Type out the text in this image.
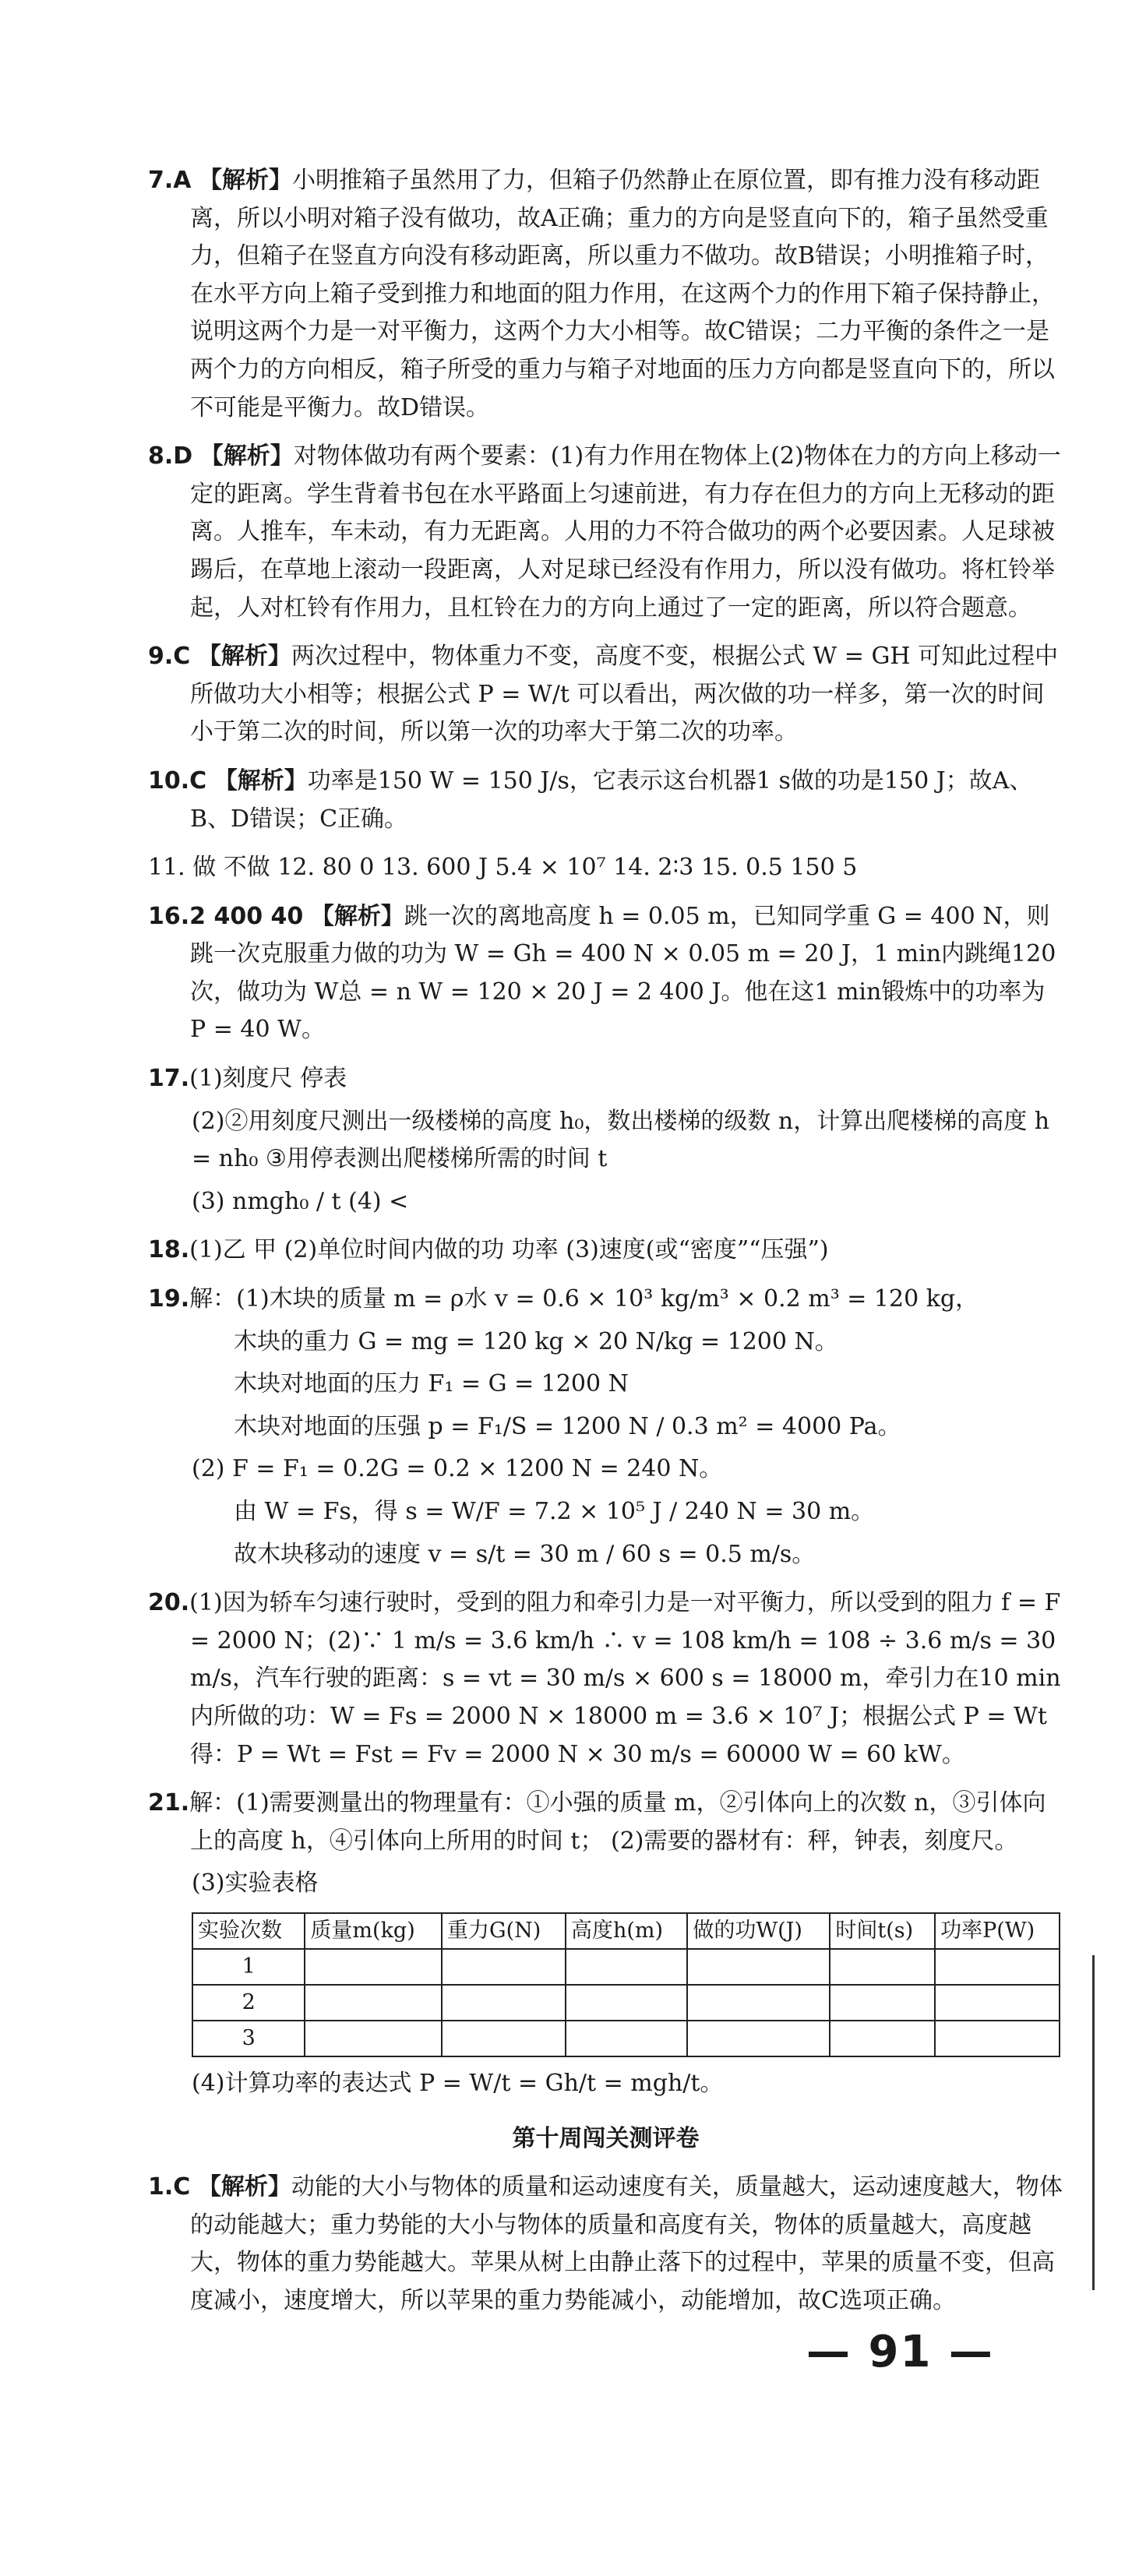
7.A 【解析】小明推箱子虽然用了力，但箱子仍然静止在原位置，即有推力没有移动距离，所以小明对箱子没有做功，故A正确；重力的方向是竖直向下的，箱子虽然受重力，但箱子在竖直方向没有移动距离，所以重力不做功。故B错误；小明推箱子时，在水平方向上箱子受到推力和地面的阻力作用，在这两个力的作用下箱子保持静止，说明这两个力是一对平衡力，这两个力大小相等。故C错误；二力平衡的条件之一是两个力的方向相反，箱子所受的重力与箱子对地面的压力方向都是竖直向下的，所以不可能是平衡力。故D错误。

8.D 【解析】对物体做功有两个要素：(1)有力作用在物体上(2)物体在力的方向上移动一定的距离。学生背着书包在水平路面上匀速前进，有力存在但力的方向上无移动的距离。人推车，车未动，有力无距离。人用的力不符合做功的两个必要因素。人足球被踢后，在草地上滚动一段距离，人对足球已经没有作用力，所以没有做功。将杠铃举起，人对杠铃有作用力，且杠铃在力的方向上通过了一定的距离，所以符合题意。

9.C 【解析】两次过程中，物体重力不变，高度不变，根据公式 W = GH 可知此过程中所做功大小相等；根据公式 P = W/t 可以看出，两次做的功一样多，第一次的时间小于第二次的时间，所以第一次的功率大于第二次的功率。

10.C 【解析】功率是150 W = 150 J/s，它表示这台机器1 s做的功是150 J；故A、B、D错误；C正确。

11. 做 不做 12. 80 0 13. 600 J 5.4 × 10⁷ 14. 2∶3 15. 0.5 150 5

16.2 400 40 【解析】跳一次的离地高度 h = 0.05 m，已知同学重 G = 400 N，则跳一次克服重力做的功为 W = Gh = 400 N × 0.05 m = 20 J，1 min内跳绳120次，做功为 W总 = n W = 120 × 20 J = 2 400 J。他在这1 min锻炼中的功率为 P = 40 W。

17.(1)刻度尺 停表

(2)②用刻度尺测出一级楼梯的高度 h₀，数出楼梯的级数 n，计算出爬楼梯的高度 h = nh₀ ③用停表测出爬楼梯所需的时间 t

(3) nmgh₀ / t (4) <

18.(1)乙 甲 (2)单位时间内做的功 功率 (3)速度(或“密度”“压强”)

19.解：(1)木块的质量 m = ρ水 v = 0.6 × 10³ kg/m³ × 0.2 m³ = 120 kg，

木块的重力 G = mg = 120 kg × 20 N/kg = 1200 N。

木块对地面的压力 F₁ = G = 1200 N

木块对地面的压强 p = F₁/S = 1200 N / 0.3 m² = 4000 Pa。

(2) F = F₁ = 0.2G = 0.2 × 1200 N = 240 N。

由 W = Fs，得 s = W/F = 7.2 × 10⁵ J / 240 N = 30 m。

故木块移动的速度 v = s/t = 30 m / 60 s = 0.5 m/s。

20.(1)因为轿车匀速行驶时，受到的阻力和牵引力是一对平衡力，所以受到的阻力 f = F = 2000 N；(2)∵ 1 m/s = 3.6 km/h ∴ v = 108 km/h = 108 ÷ 3.6 m/s = 30 m/s，汽车行驶的距离：s = vt = 30 m/s × 600 s = 18000 m，牵引力在10 min内所做的功：W = Fs = 2000 N × 18000 m = 3.6 × 10⁷ J；根据公式 P = Wt 得：P = Wt = Fst = Fv = 2000 N × 30 m/s = 60000 W = 60 kW。

21.解：(1)需要测量出的物理量有：①小强的质量 m，②引体向上的次数 n，③引体向上的高度 h，④引体向上所用的时间 t； (2)需要的器材有：秤，钟表，刻度尺。

(3)实验表格

实验次数	质量m(kg)	重力G(N)	高度h(m)	做的功W(J)	时间t(s)	功率P(W)
1						
2						
3						

(4)计算功率的表达式 P = W/t = Gh/t = mgh/t。

第十周闯关测评卷

1.C 【解析】动能的大小与物体的质量和运动速度有关，质量越大，运动速度越大，物体的动能越大；重力势能的大小与物体的质量和高度有关，物体的质量越大，高度越大，物体的重力势能越大。苹果从树上由静止落下的过程中，苹果的质量不变，但高度减小，速度增大，所以苹果的重力势能减小，动能增加，故C选项正确。

— 91 —
